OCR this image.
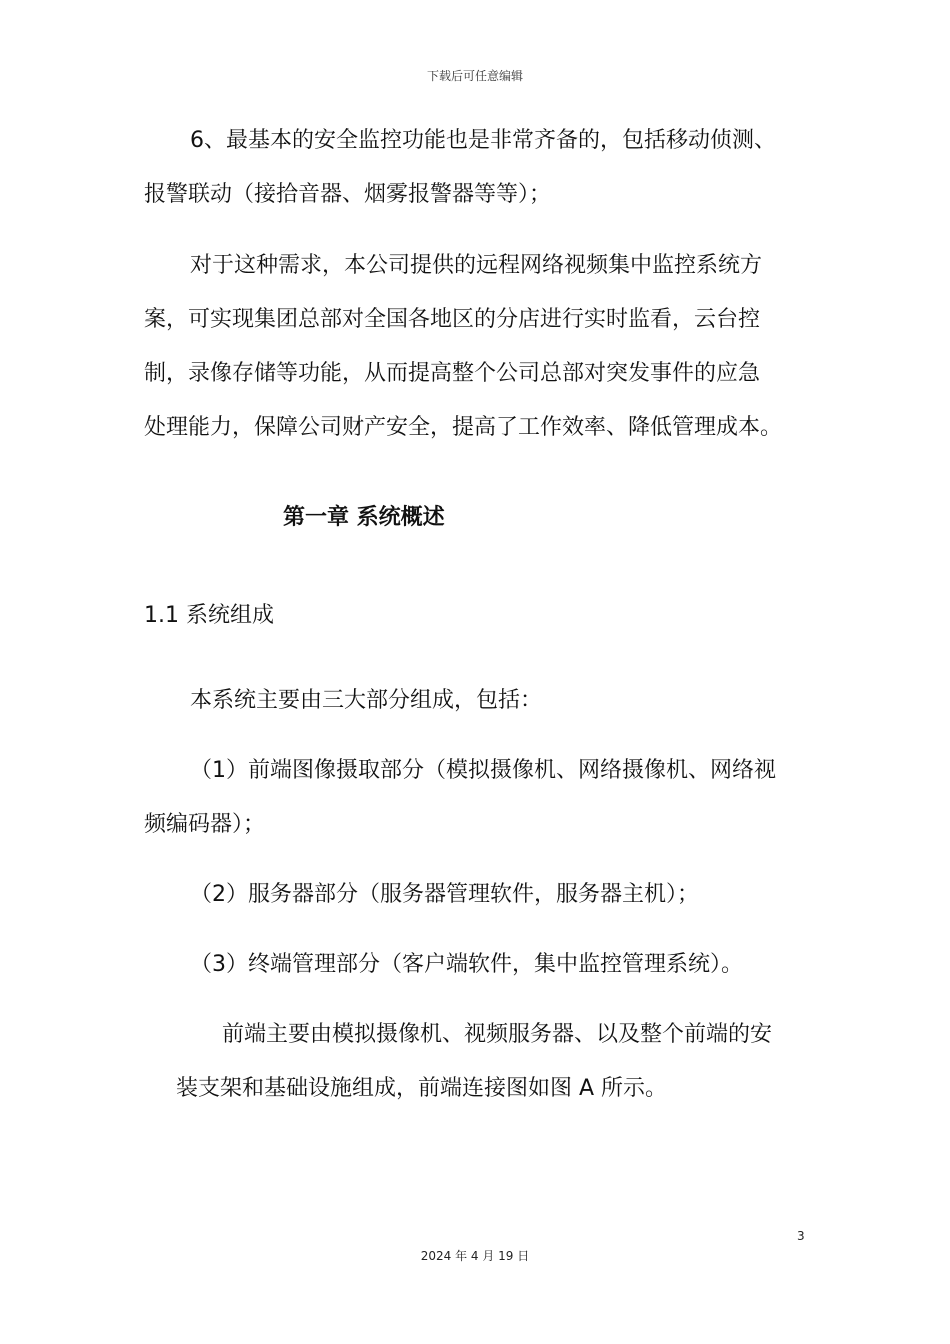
下载后可任意编辑
6、最基本的安全监控功能也是非常齐备的，包括移动侦测、
报警联动（接拾音器、烟雾报警器等等）；
对于这种需求，本公司提供的远程网络视频集中监控系统方
案，可实现集团总部对全国各地区的分店进行实时监看，云台控
制，录像存储等功能，从而提高整个公司总部对突发事件的应急
处理能力，保障公司财产安全，提高了工作效率、降低管理成本。
第一章 系统概述
1.1 系统组成
本系统主要由三大部分组成，包括：
（1）前端图像摄取部分（模拟摄像机、网络摄像机、网络视
频编码器）；
（2）服务器部分（服务器管理软件，服务器主机）；
（3）终端管理部分（客户端软件，集中监控管理系统）。
前端主要由模拟摄像机、视频服务器、以及整个前端的安
装支架和基础设施组成，前端连接图如图 A 所示。
3
2024 年 4 月 19 日
